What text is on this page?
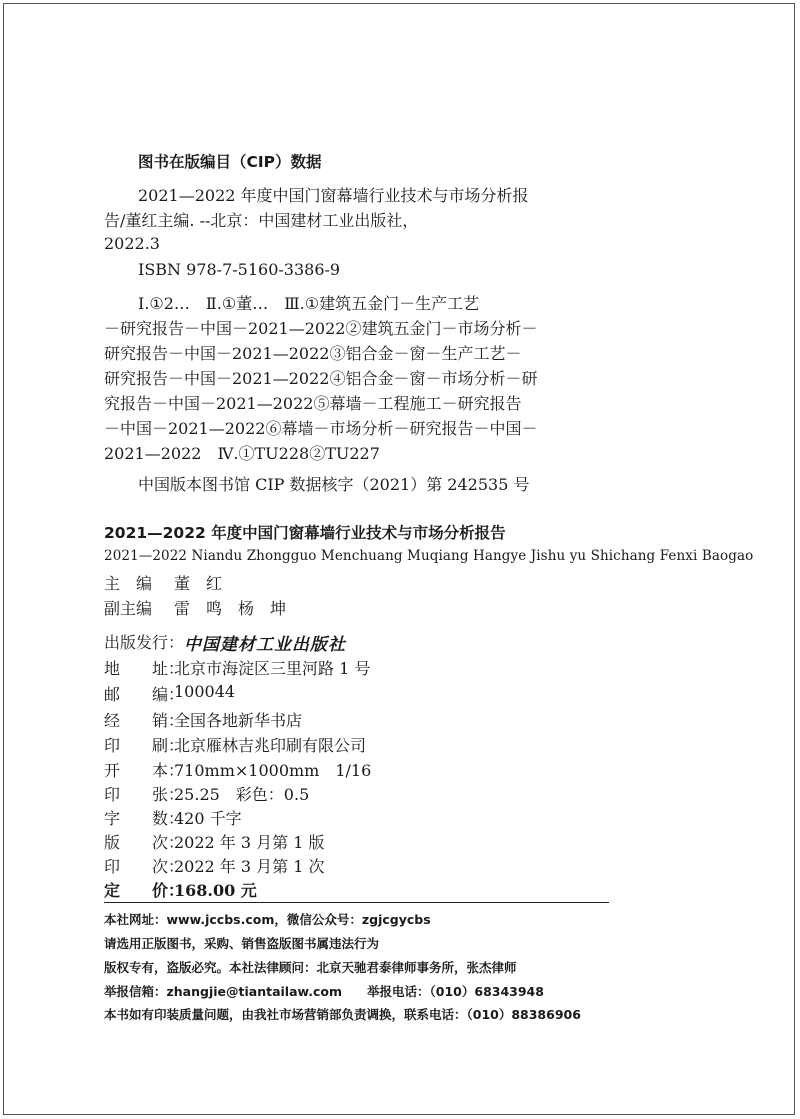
图书在版编目（CIP）数据
2021—2022 年度中国门窗幕墙行业技术与市场分析报
告/董红主编. --北京：中国建材工业出版社，
2022.3
ISBN 978-7-5160-3386-9
Ⅰ.①2…　Ⅱ.①董…　Ⅲ.①建筑五金门－生产工艺
－研究报告－中国－2021—2022②建筑五金门－市场分析－
研究报告－中国－2021—2022③铝合金－窗－生产工艺－
研究报告－中国－2021—2022④铝合金－窗－市场分析－研
究报告－中国－2021—2022⑤幕墙－工程施工－研究报告
－中国－2021—2022⑥幕墙－市场分析－研究报告－中国－
2021—2022　Ⅳ.①TU228②TU227
中国版本图书馆 CIP 数据核字（2021）第 242535 号
2021—2022 年度中国门窗幕墙行业技术与市场分析报告
2021—2022 Niandu Zhongguo Menchuang Muqiang Hangye Jishu yu Shichang Fenxi Baogao
主　编 董　红
副主编 雷　鸣　杨　坤
出版发行： 中国建材工业出版社
地　　址：
北京市海淀区三里河路 1 号
邮　　编：
100044
经　　销：
全国各地新华书店
印　　刷：
北京雁林吉兆印刷有限公司
开　　本：
710mm×1000mm　1/16
印　　张：
25.25　彩色：0.5
字　　数：
420 千字
版　　次：
2022 年 3 月第 1 版
印　　次：
2022 年 3 月第 1 次
定　　价：
168.00 元
本社网址：www.jccbs.com，微信公众号：zgjcgycbs
请选用正版图书，采购、销售盗版图书属违法行为
版权专有，盗版必究。本社法律顾问：北京天驰君泰律师事务所，张杰律师
举报信箱：zhangjie@tiantailaw.com　　举报电话：（010）68343948
本书如有印装质量问题，由我社市场营销部负责调换，联系电话：（010）88386906
